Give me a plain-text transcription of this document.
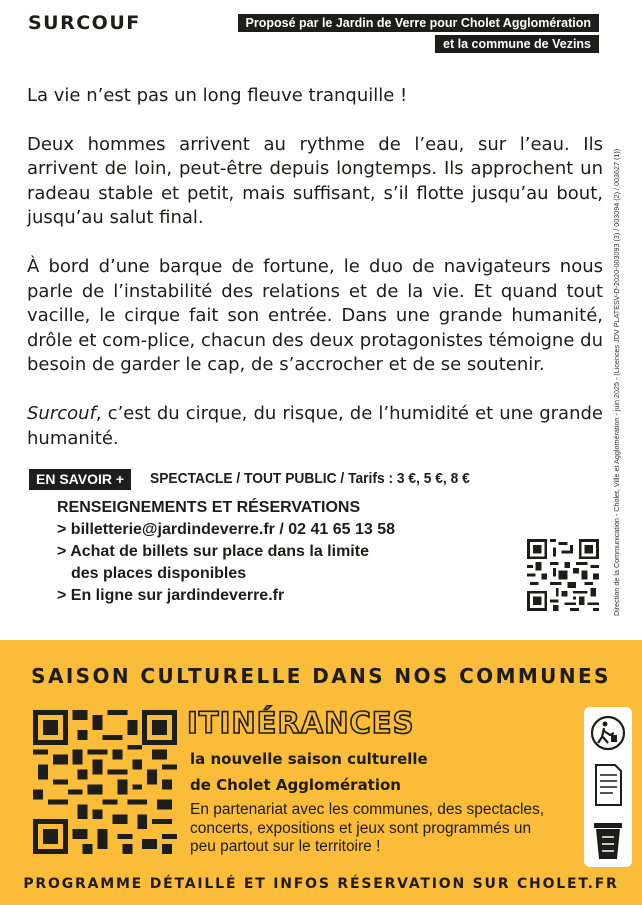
SURCOUF	Proposé par le Jardin de Verre pour Cholet Agglomération
et la commune de Vezins

La vie n’est pas un long fleuve tranquille !

Deux hommes arrivent au rythme de l’eau, sur l’eau. Ils arrivent de loin, peut-être depuis longtemps. Ils approchent un radeau stable et petit, mais suffisant, s’il flotte jusqu’au bout, jusqu’au salut final.

À bord d’une barque de fortune, le duo de navigateurs nous parle de l’instabilité des relations et de la vie. Et quand tout vacille, le cirque fait son entrée. Dans une grande humanité, drôle et com-plice, chacun des deux protagonistes témoigne du besoin de garder le cap, de s’accrocher et de se soutenir.

Surcouf, c’est du cirque, du risque, de l’humidité et une grande humanité.	Direction de la Communication - Cholet, Ville et Agglomération - juin 2025 - (Licences JDV PLATESV-D-2020-003093 (3) / 003094 (2) / 003627 (1))
EN SAVOIR +	SPECTACLE / TOUT PUBLIC / Tarifs : 3 €, 5 €, 8 €
RENSEIGNEMENTS ET RÉSERVATIONS
> billetterie@jardindeverre.fr / 02 41 65 13 58
> Achat de billets sur place dans la limite
des places disponibles
> En ligne sur jardindeverre.fr
SAISON CULTURELLE DANS NOS COMMUNES
ITINÉRANCES
la nouvelle saison culturelle
de Cholet Agglomération
En partenariat avec les communes, des spectacles, concerts, expositions et jeux sont programmés un peu partout sur le territoire !
PROGRAMME DÉTAILLÉ ET INFOS RÉSERVATION SUR CHOLET.FR
